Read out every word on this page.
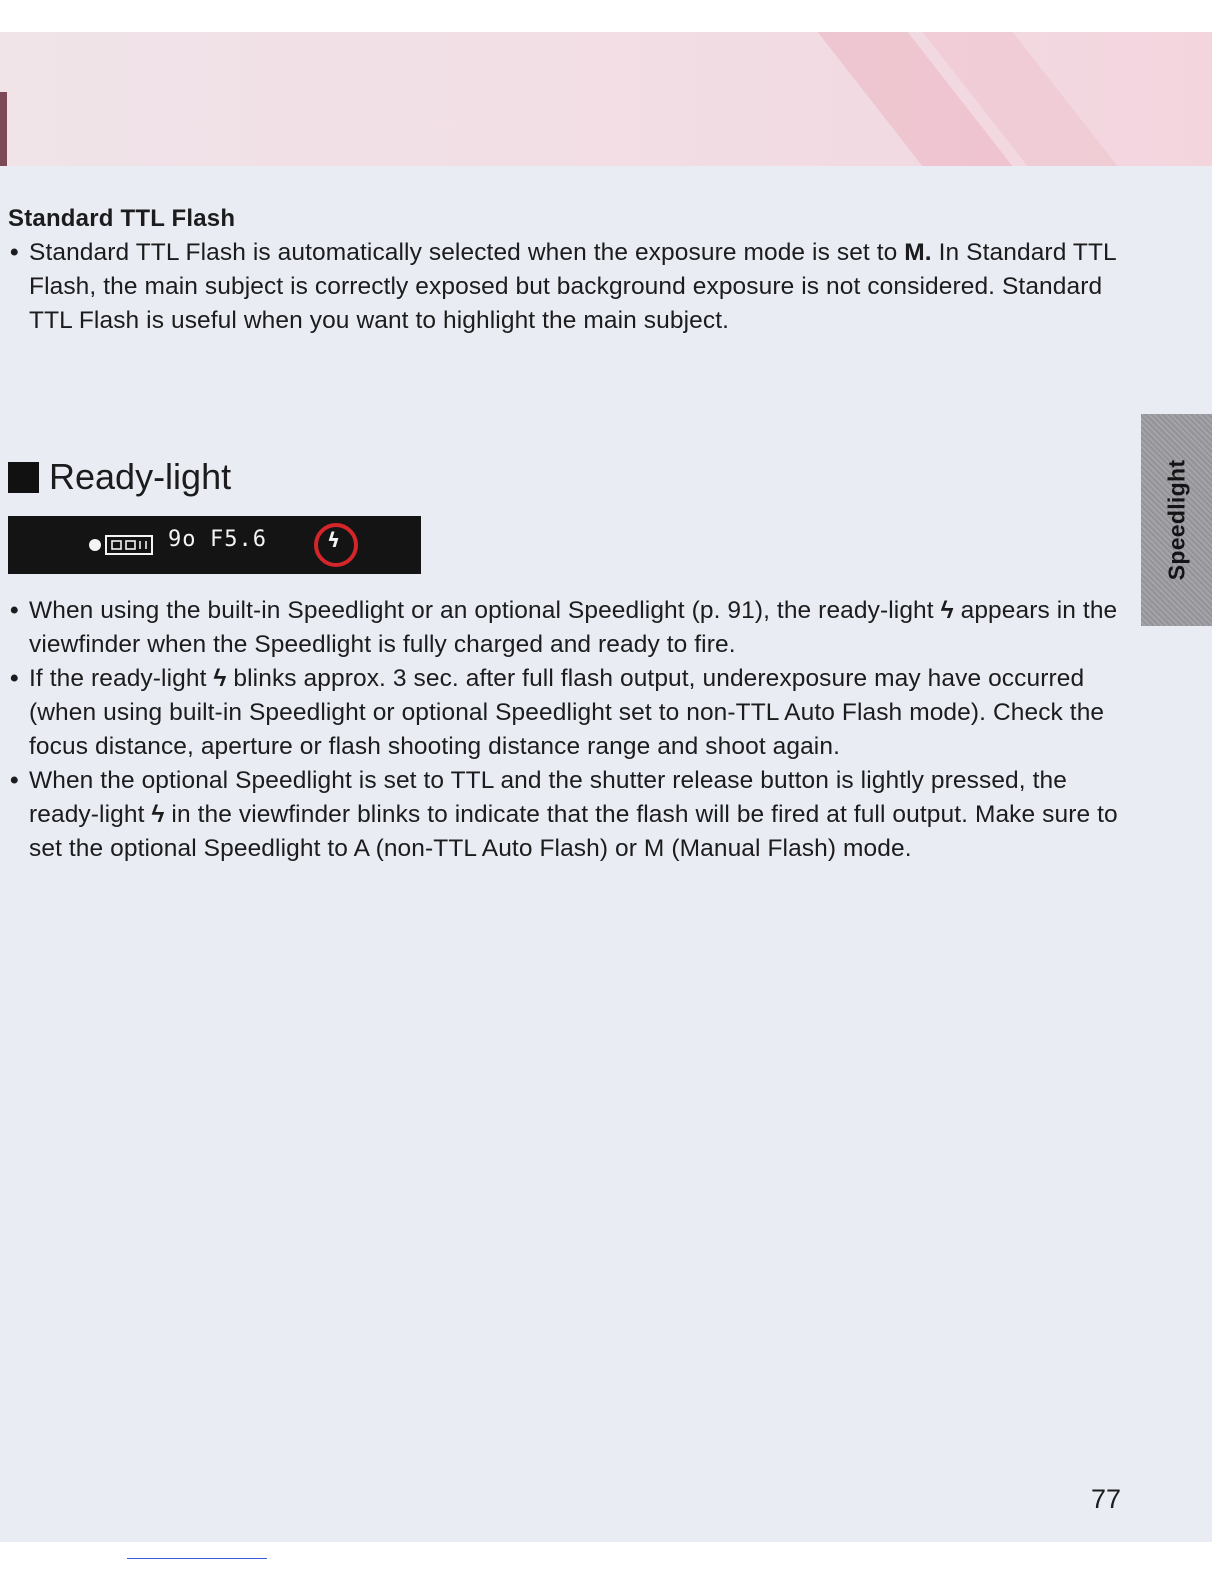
Speedlight
Standard TTL Flash

• Standard TTL Flash is automatically selected when the exposure mode is set to M. In Standard TTL Flash, the main subject is correctly exposed but background exposure is not considered. Standard TTL Flash is useful when you want to highlight the main subject.

Ready-light
9o F5.6	ϟ

• When using the built-in Speedlight or an optional Speedlight (p. 91), the ready-light ϟ appears in the viewfinder when the Speedlight is fully charged and ready to fire.

• If the ready-light ϟ blinks approx. 3 sec. after full flash output, underexposure may have occurred (when using built-in Speedlight or optional Speedlight set to non-TTL Auto Flash mode). Check the focus distance, aperture or flash shooting distance range and shoot again.

• When the optional Speedlight is set to TTL and the shutter release button is lightly pressed, the ready-light ϟ in the viewfinder blinks to indicate that the flash will be fired at full output. Make sure to set the optional Speedlight to A (non-TTL Auto Flash) or M (Manual Flash) mode.

77
